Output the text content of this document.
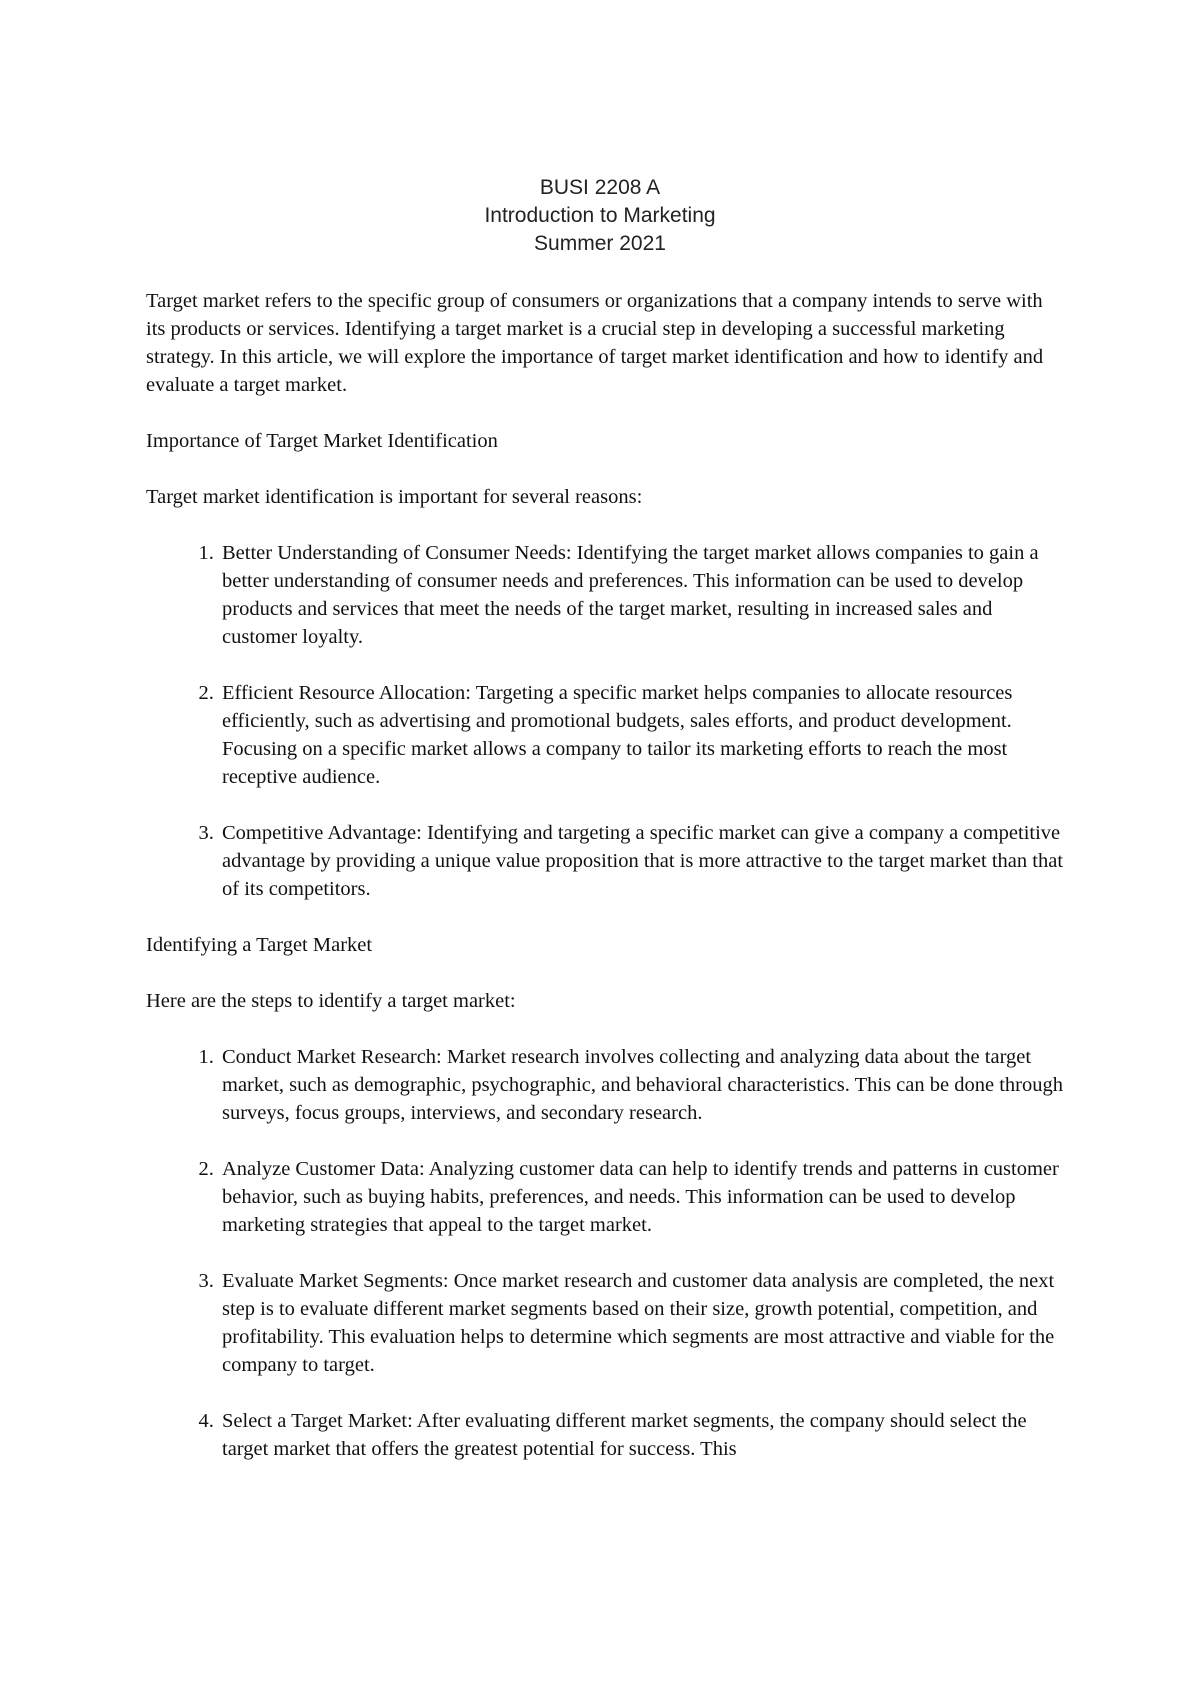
BUSI 2208 A
Introduction to Marketing
Summer 2021

Target market refers to the specific group of consumers or organizations that a company intends to serve with its products or services. Identifying a target market is a crucial step in developing a successful marketing strategy. In this article, we will explore the importance of target market identification and how to identify and evaluate a target market.

Importance of Target Market Identification

Target market identification is important for several reasons:

1. Better Understanding of Consumer Needs: Identifying the target market allows companies to gain a better understanding of consumer needs and preferences. This information can be used to develop products and services that meet the needs of the target market, resulting in increased sales and customer loyalty.
2. Efficient Resource Allocation: Targeting a specific market helps companies to allocate resources efficiently, such as advertising and promotional budgets, sales efforts, and product development. Focusing on a specific market allows a company to tailor its marketing efforts to reach the most receptive audience.
3. Competitive Advantage: Identifying and targeting a specific market can give a company a competitive advantage by providing a unique value proposition that is more attractive to the target market than that of its competitors.

Identifying a Target Market

Here are the steps to identify a target market:

1. Conduct Market Research: Market research involves collecting and analyzing data about the target market, such as demographic, psychographic, and behavioral characteristics. This can be done through surveys, focus groups, interviews, and secondary research.
2. Analyze Customer Data: Analyzing customer data can help to identify trends and patterns in customer behavior, such as buying habits, preferences, and needs. This information can be used to develop marketing strategies that appeal to the target market.
3. Evaluate Market Segments: Once market research and customer data analysis are completed, the next step is to evaluate different market segments based on their size, growth potential, competition, and profitability. This evaluation helps to determine which segments are most attractive and viable for the company to target.
4. Select a Target Market: After evaluating different market segments, the company should select the target market that offers the greatest potential for success. This
